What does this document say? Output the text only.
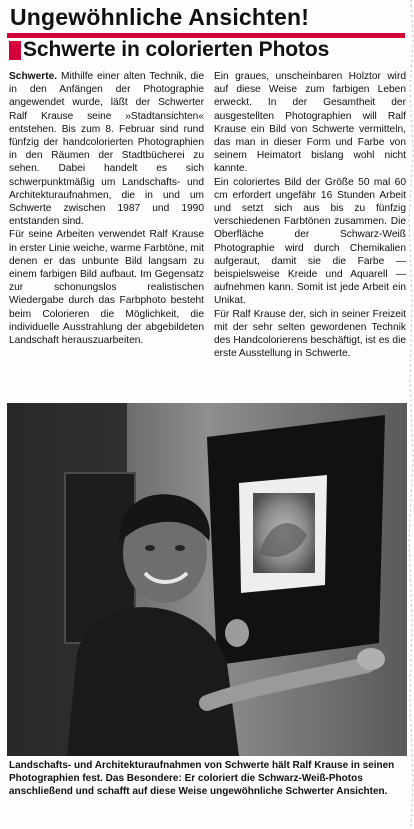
Ungewöhnliche Ansichten!
Schwerte in colorierten Photos

Schwerte. Mithilfe einer alten Technik, die in den Anfängen der Photographie angewendet wurde, läßt der Schwerter Ralf Krause seine »Stadtansichten« entstehen. Bis zum 8. Februar sind rund fünfzig der handcolorierten Photographien in den Räumen der Stadtbücherei zu sehen. Dabei handelt es sich schwerpunktmäßig um Landschafts- und Architekturaufnahmen, die in und um Schwerte zwischen 1987 und 1990 entstanden sind.

Für seine Arbeiten verwendet Ralf Krause in erster Linie weiche, warme Farbtöne, mit denen er das unbunte Bild langsam zu einem farbigen Bild aufbaut. Im Gegensatz zur schonungslos realistischen Wiedergabe durch das Farbphoto besteht beim Colorieren die Möglichkeit, die individuelle Ausstrahlung der abgebildeten Landschaft herauszuarbeiten.

Ein graues, unscheinbaren Holztor wird auf diese Weise zum farbigen Leben erweckt. In der Gesamtheit der ausgestellten Photographien will Ralf Krause ein Bild von Schwerte vermitteln, das man in dieser Form und Farbe von seinem Heimatort bislang wohl nicht kannte.

Ein coloriertes Bild der Größe 50 mal 60 cm erfordert ungefähr 16 Stunden Arbeit und setzt sich aus bis zu fünfzig verschiedenen Farbtönen zusammen. Die Oberfläche der Schwarz-Weiß Photographie wird durch Chemikalien aufgeraut, damit sie die Farbe — beispielsweise Kreide und Aquarell — aufnehmen kann. Somit ist jede Arbeit ein Unikat.

Für Ralf Krause der, sich in seiner Freizeit mit der sehr selten gewordenen Technik des Handcolorierens beschäftigt, ist es die erste Ausstellung in Schwerte.

Landschafts- und Architekturaufnahmen von Schwerte hält Ralf Krause in seinen Photographien fest. Das Besondere: Er coloriert die Schwarz-Weiß-Photos anschließend und schafft auf diese Weise ungewöhnliche Schwerter Ansichten.
